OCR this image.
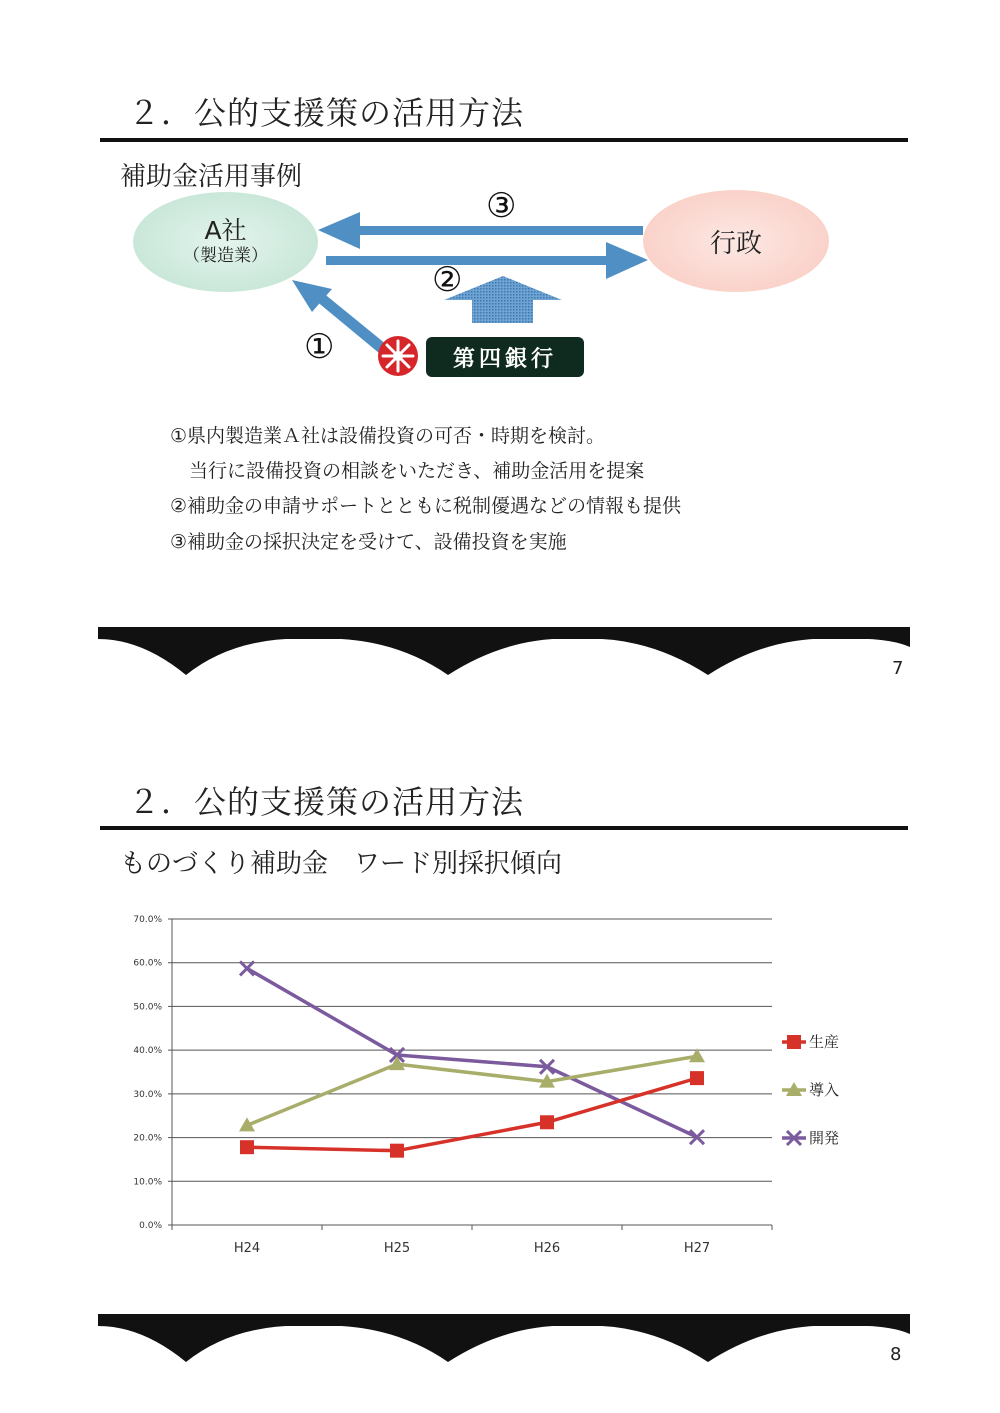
２．公的支援策の活用方法
補助金活用事例
A社
（製造業）	行政
③
②
①	第四銀行
①県内製造業Ａ社は設備投資の可否・時期を検討。
　当行に設備投資の相談をいただき、補助金活用を提案
②補助金の申請サポートとともに税制優遇などの情報も提供
③補助金の採択決定を受けて、設備投資を実施
7
２．公的支援策の活用方法
ものづくり補助金　ワード別採択傾向
0.0%
10.0%
20.0%
30.0%
40.0%
50.0%
60.0%
70.0%
H24	H25	H26	H27
生産
導入
開発
8
